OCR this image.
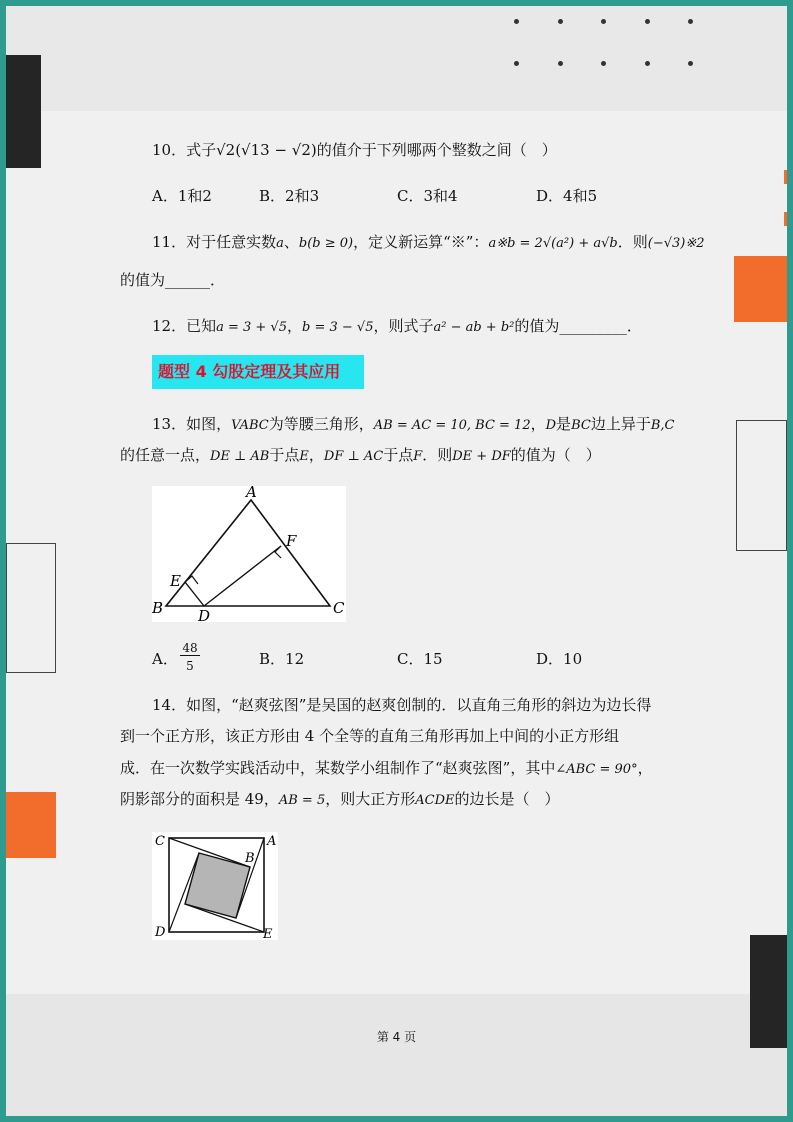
10．式子√2(√13 − √2)的值介于下列哪两个整数之间（　）
A．1和2	B．2和3	C．3和4	D．4和5
11．对于任意实数a、b(b ≥ 0)，定义新运算“※”：a※b = 2√(a²) + a√b．则(−√3)※2
的值为______．
12．已知a = 3 + √5，b = 3 − √5，则式子a² − ab + b²的值为_________．
题型 4 勾股定理及其应用
13．如图，VABC为等腰三角形，AB = AC = 10, BC = 12，D是BC边上异于B,C
的任意一点，DE ⊥ AB于点E，DF ⊥ AC于点F．则DE + DF的值为（　）
A
B	C
D
E
F
A．
48
5	B．12	C．15	D．10
14．如图，“赵爽弦图”是吴国的赵爽创制的．以直角三角形的斜边为边长得
到一个正方形，该正方形由 4 个全等的直角三角形再加上中间的小正方形组
成．在一次数学实践活动中，某数学小组制作了“赵爽弦图”，其中∠ABC = 90°，
阴影部分的面积是 49，AB = 5，则大正方形ACDE的边长是（　）
C	A
B
D	E
第 4 页
